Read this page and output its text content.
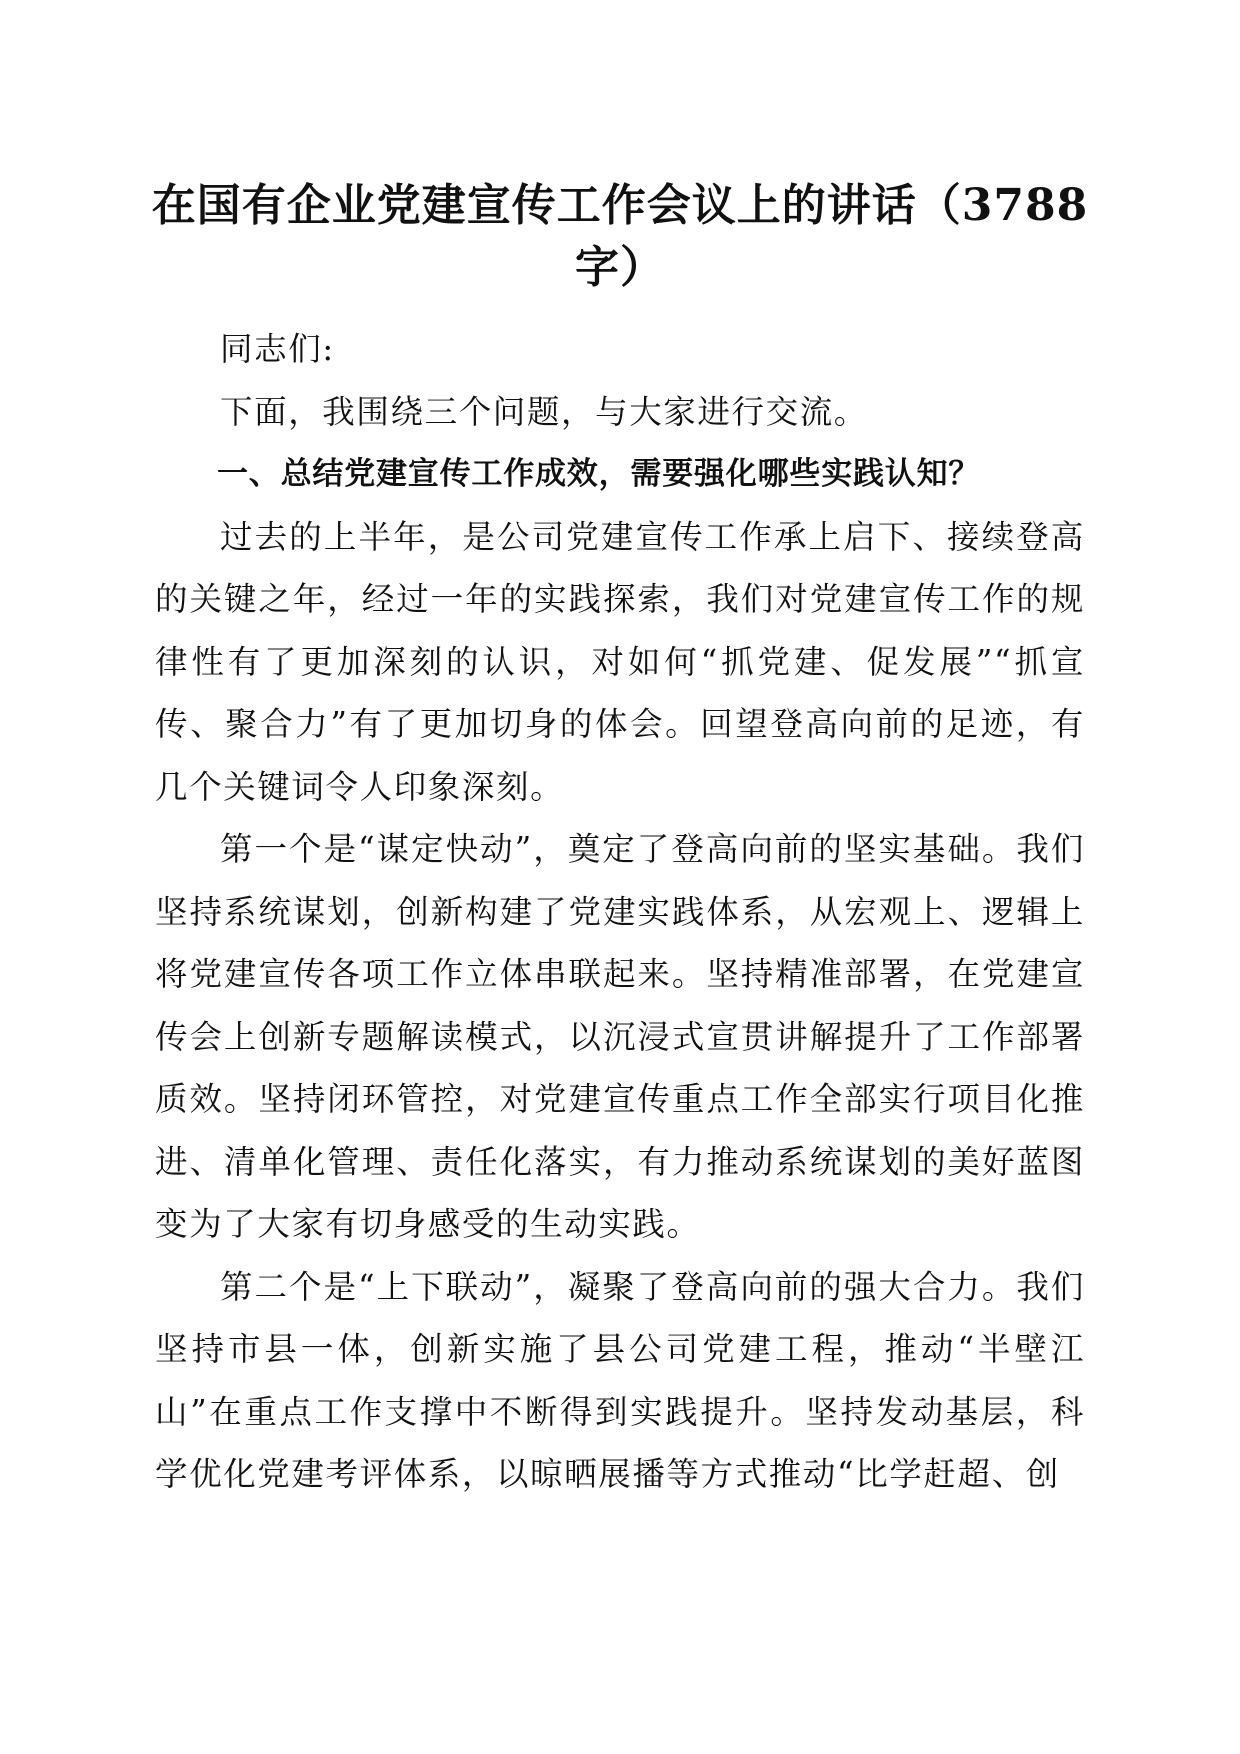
在国有企业党建宣传工作会议上的讲话（3788字）

同志们:

下面，我围绕三个问题，与大家进行交流。

一、总结党建宣传工作成效，需要强化哪些实践认知？

过去的上半年，是公司党建宣传工作承上启下、接续登高的关键之年，经过一年的实践探索，我们对党建宣传工作的规律性有了更加深刻的认识，对如何“抓党建、促发展”“抓宣传、聚合力”有了更加切身的体会。回望登高向前的足迹，有几个关键词令人印象深刻。

第一个是“谋定快动”，奠定了登高向前的坚实基础。我们坚持系统谋划，创新构建了党建实践体系，从宏观上、逻辑上将党建宣传各项工作立体串联起来。坚持精准部署，在党建宣传会上创新专题解读模式，以沉浸式宣贯讲解提升了工作部署质效。坚持闭环管控，对党建宣传重点工作全部实行项目化推进、清单化管理、责任化落实，有力推动系统谋划的美好蓝图变为了大家有切身感受的生动实践。

第二个是“上下联动”，凝聚了登高向前的强大合力。我们坚持市县一体，创新实施了县公司党建工程，推动“半壁江山”在重点工作支撑中不断得到实践提升。坚持发动基层，科学优化党建考评体系，以晾晒展播等方式推动“比学赶超、创
